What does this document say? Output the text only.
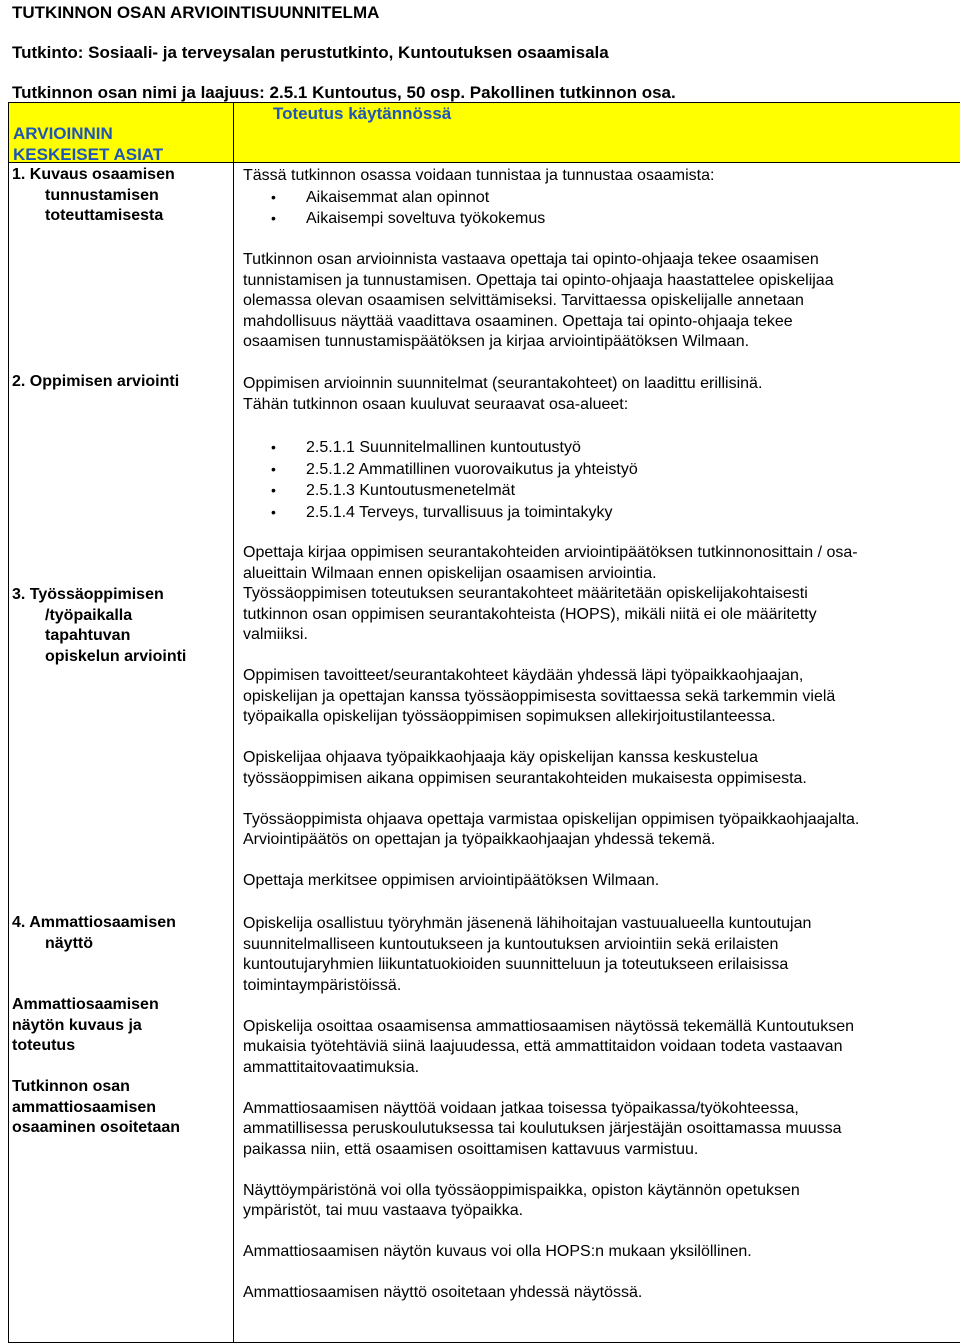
TUTKINNON OSAN ARVIOINTISUUNNITELMA
Tutkinto: Sosiaali- ja terveysalan perustutkinto, Kuntoutuksen osaamisala
Tutkinnon osan nimi ja laajuus: 2.5.1 Kuntoutus, 50 osp. Pakollinen tutkinnon osa.
ARVIOINNIN
KESKEISET ASIAT
Toteutus käytännössä
1. Kuvaus osaamisen
tunnustamisen
toteuttamisesta

Tässä tutkinnon osassa voidaan tunnistaa ja tunnustaa osaamista:

• Aikaisemmat alan opinnot
• Aikaisempi soveltuva työkokemus

Tutkinnon osan arvioinnista vastaava opettaja tai opinto-ohjaaja tekee osaamisen
tunnistamisen ja tunnustamisen. Opettaja tai opinto-ohjaaja haastattelee opiskelijaa
olemassa olevan osaamisen selvittämiseksi. Tarvittaessa opiskelijalle annetaan
mahdollisuus näyttää vaadittava osaaminen. Opettaja tai opinto-ohjaaja tekee
osaamisen tunnustamispäätöksen ja kirjaa arviointipäätöksen Wilmaan.

2. Oppimisen arviointi	Oppimisen arvioinnin suunnitelmat (seurantakohteet) on laadittu erillisinä.
Tähän tutkinnon osaan kuuluvat seuraavat osa-alueet:

• 2.5.1.1 Suunnitelmallinen kuntoutustyö
• 2.5.1.2 Ammatillinen vuorovaikutus ja yhteistyö
• 2.5.1.3 Kuntoutusmenetelmät
• 2.5.1.4 Terveys, turvallisuus ja toimintakyky

Opettaja kirjaa oppimisen seurantakohteiden arviointipäätöksen tutkinnonosittain / osa-
alueittain Wilmaan ennen opiskelijan osaamisen arviointia.

3. Työssäoppimisen
/työpaikalla
tapahtuvan
opiskelun arviointi

Työssäoppimisen toteutuksen seurantakohteet määritetään opiskelijakohtaisesti
tutkinnon osan oppimisen seurantakohteista (HOPS), mikäli niitä ei ole määritetty
valmiiksi.

Oppimisen tavoitteet/seurantakohteet käydään yhdessä läpi työpaikkaohjaajan,
opiskelijan ja opettajan kanssa työssäoppimisesta sovittaessa sekä tarkemmin vielä
työpaikalla opiskelijan työssäoppimisen sopimuksen allekirjoitustilanteessa.

Opiskelijaa ohjaava työpaikkaohjaaja käy opiskelijan kanssa keskustelua
työssäoppimisen aikana oppimisen seurantakohteiden mukaisesta oppimisesta.

Työssäoppimista ohjaava opettaja varmistaa opiskelijan oppimisen työpaikkaohjaajalta.
Arviointipäätös on opettajan ja työpaikkaohjaajan yhdessä tekemä.

Opettaja merkitsee oppimisen arviointipäätöksen Wilmaan.

4. Ammattiosaamisen
näyttö
Ammattiosaamisen
näytön kuvaus ja
toteutus
Tutkinnon osan
ammattiosaamisen
osaaminen osoitetaan

Opiskelija osallistuu työryhmän jäsenenä lähihoitajan vastuualueella kuntoutujan
suunnitelmalliseen kuntoutukseen ja kuntoutuksen arviointiin sekä erilaisten
kuntoutujaryhmien liikuntatuokioiden suunnitteluun ja toteutukseen erilaisissa
toimintaympäristöissä.

Opiskelija osoittaa osaamisensa ammattiosaamisen näytössä tekemällä Kuntoutuksen
mukaisia työtehtäviä siinä laajuudessa, että ammattitaidon voidaan todeta vastaavan
ammattitaitovaatimuksia.

Ammattiosaamisen näyttöä voidaan jatkaa toisessa työpaikassa/työkohteessa,
ammatillisessa peruskoulutuksessa tai koulutuksen järjestäjän osoittamassa muussa
paikassa niin, että osaamisen osoittamisen kattavuus varmistuu.

Näyttöympäristönä voi olla työssäoppimispaikka, opiston käytännön opetuksen
ympäristöt, tai muu vastaava työpaikka.

Ammattiosaamisen näytön kuvaus voi olla HOPS:n mukaan yksilöllinen.

Ammattiosaamisen näyttö osoitetaan yhdessä näytössä.
